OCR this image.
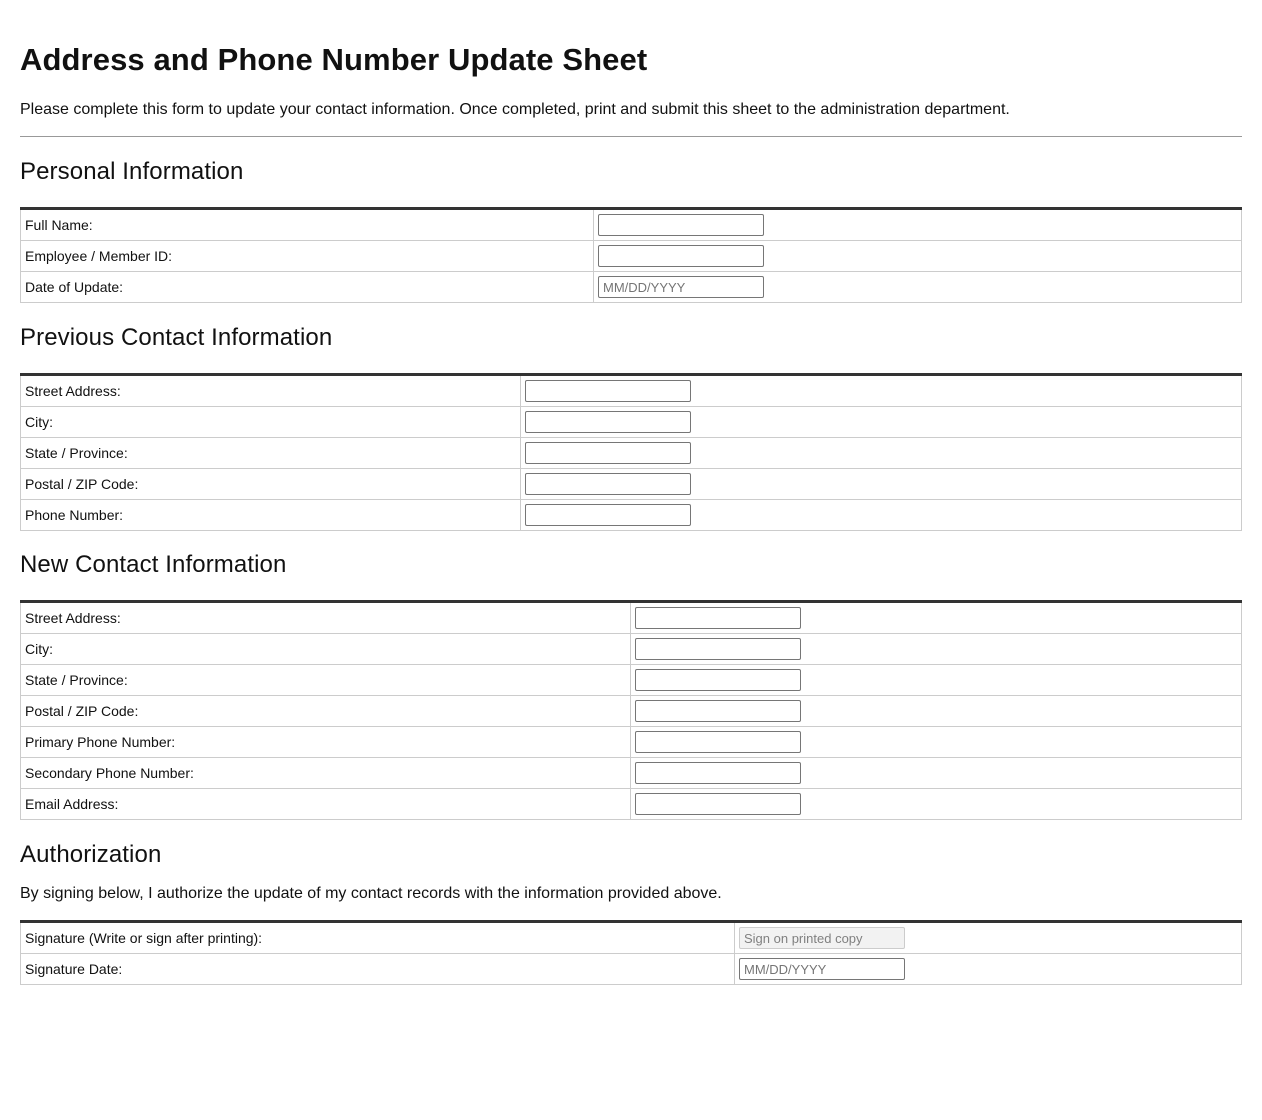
Address and Phone Number Update Sheet

Please complete this form to update your contact information. Once completed, print and submit this sheet to the administration department.

Personal Information
Full Name:	

Employee / Member ID:	

Date of Update:	
MM/DD/YYYY
Previous Contact Information
Street Address:	

City:	

State / Province:	

Postal / ZIP Code:	

Phone Number:	
New Contact Information
Street Address:	

City:	

State / Province:	

Postal / ZIP Code:	

Primary Phone Number:	

Secondary Phone Number:	

Email Address:	
Authorization

By signing below, I authorize the update of my contact records with the information provided above.

Signature (Write or sign after printing):	
Sign on printed copy
Signature Date:	
MM/DD/YYYY
